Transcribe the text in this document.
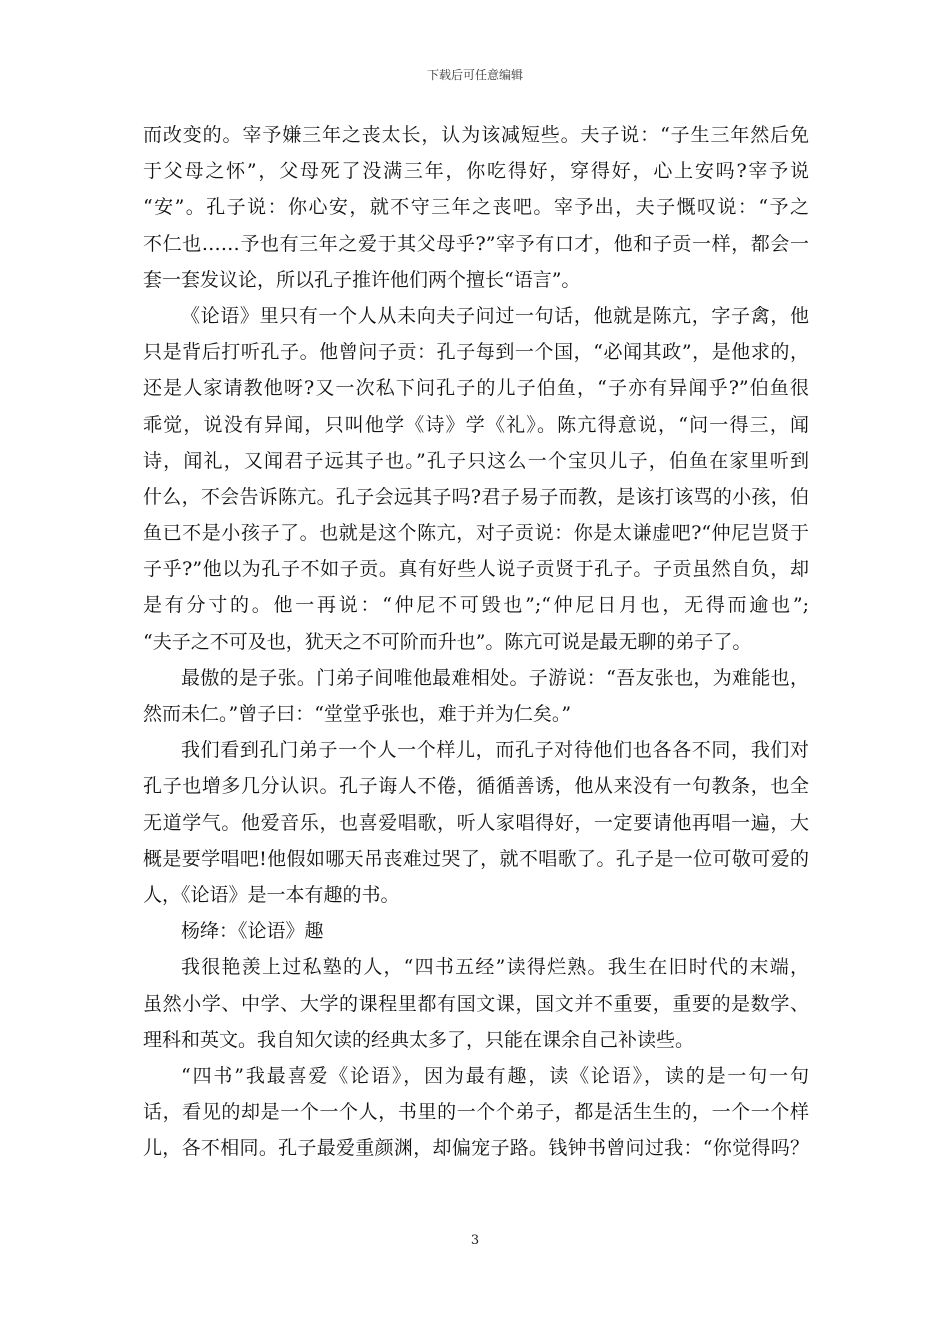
下载后可任意编辑
而改变的。宰予嫌三年之丧太长，认为该减短些。夫子说：“子生三年然后免
于父母之怀”，父母死了没满三年，你吃得好，穿得好，心上安吗?宰予说
“安”。孔子说：你心安，就不守三年之丧吧。宰予出，夫子慨叹说：“予之
不仁也……予也有三年之爱于其父母乎?”宰予有口才，他和子贡一样，都会一
套一套发议论，所以孔子推许他们两个擅长“语言”。
《论语》里只有一个人从未向夫子问过一句话，他就是陈亢，字子禽，他
只是背后打听孔子。他曾问子贡：孔子每到一个国，“必闻其政”，是他求的，
还是人家请教他呀?又一次私下问孔子的儿子伯鱼，“子亦有异闻乎?”伯鱼很
乖觉，说没有异闻，只叫他学《诗》学《礼》。陈亢得意说，“问一得三，闻
诗，闻礼，又闻君子远其子也。”孔子只这么一个宝贝儿子，伯鱼在家里听到
什么，不会告诉陈亢。孔子会远其子吗?君子易子而教，是该打该骂的小孩，伯
鱼已不是小孩子了。也就是这个陈亢，对子贡说：你是太谦虚吧?“仲尼岂贤于
子乎?”他以为孔子不如子贡。真有好些人说子贡贤于孔子。子贡虽然自负，却
是有分寸的。他一再说：“仲尼不可毁也”;“仲尼日月也，无得而逾也”;
“夫子之不可及也，犹天之不可阶而升也”。陈亢可说是最无聊的弟子了。
最傲的是子张。门弟子间唯他最难相处。子游说：“吾友张也，为难能也，
然而未仁。”曾子曰：“堂堂乎张也，难于并为仁矣。”
我们看到孔门弟子一个人一个样儿，而孔子对待他们也各各不同，我们对
孔子也增多几分认识。孔子诲人不倦，循循善诱，他从来没有一句教条，也全
无道学气。他爱音乐，也喜爱唱歌，听人家唱得好，一定要请他再唱一遍，大
概是要学唱吧!他假如哪天吊丧难过哭了，就不唱歌了。孔子是一位可敬可爱的
人，《论语》是一本有趣的书。
杨绛：《论语》趣
我很艳羡上过私塾的人，“四书五经”读得烂熟。我生在旧时代的末端，
虽然小学、中学、大学的课程里都有国文课，国文并不重要，重要的是数学、
理科和英文。我自知欠读的经典太多了，只能在课余自己补读些。
“四书”我最喜爱《论语》，因为最有趣，读《论语》，读的是一句一句
话，看见的却是一个一个人，书里的一个个弟子，都是活生生的，一个一个样
儿，各不相同。孔子最爱重颜渊，却偏宠子路。钱钟书曾问过我：“你觉得吗？
3
